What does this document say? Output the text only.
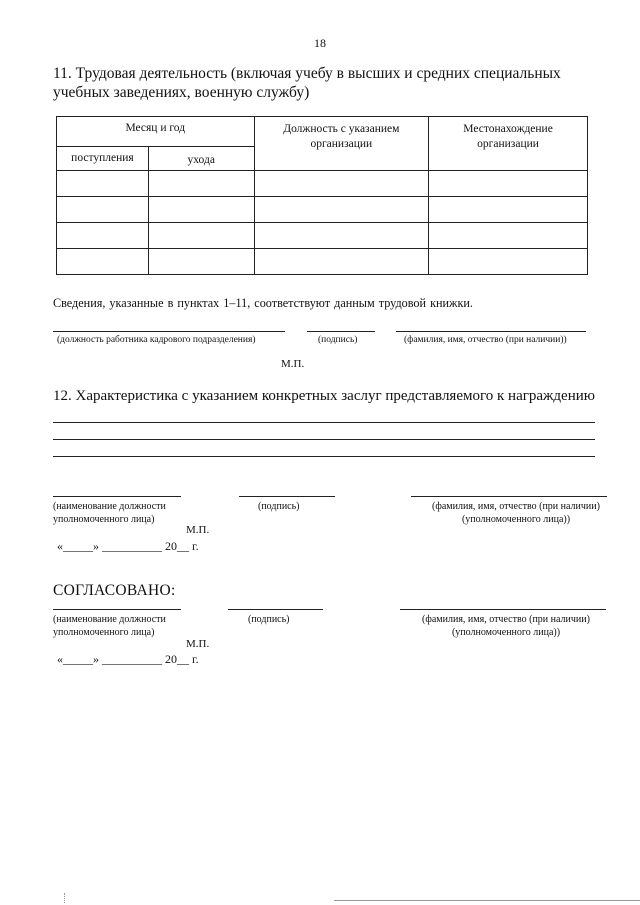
18
11. Трудовая деятельность (включая учебу в высших и средних специальных учебных заведениях, военную службу)
Месяц и год		Должность с указанием организации	Местонахождение организации
поступления	ухода		

Сведения, указанные в пунктах 1–11, соответствуют данным трудовой книжки.
(должность работника кадрового подразделения)	(подпись)	(фамилия, имя, отчество (при наличии))
М.П.
12. Характеристика с указанием конкретных заслуг представляемого к награждению
(наименование должности
уполномоченного лица)
(подпись)	(фамилия, имя, отчество (при наличии)
(уполномоченного лица))
М.П.
«_____» __________ 20__ г.
СОГЛАСОВАНО:
(наименование должности
уполномоченного лица)
(подпись)	(фамилия, имя, отчество (при наличии)
(уполномоченного лица))
М.П.
«_____» __________ 20__ г.
